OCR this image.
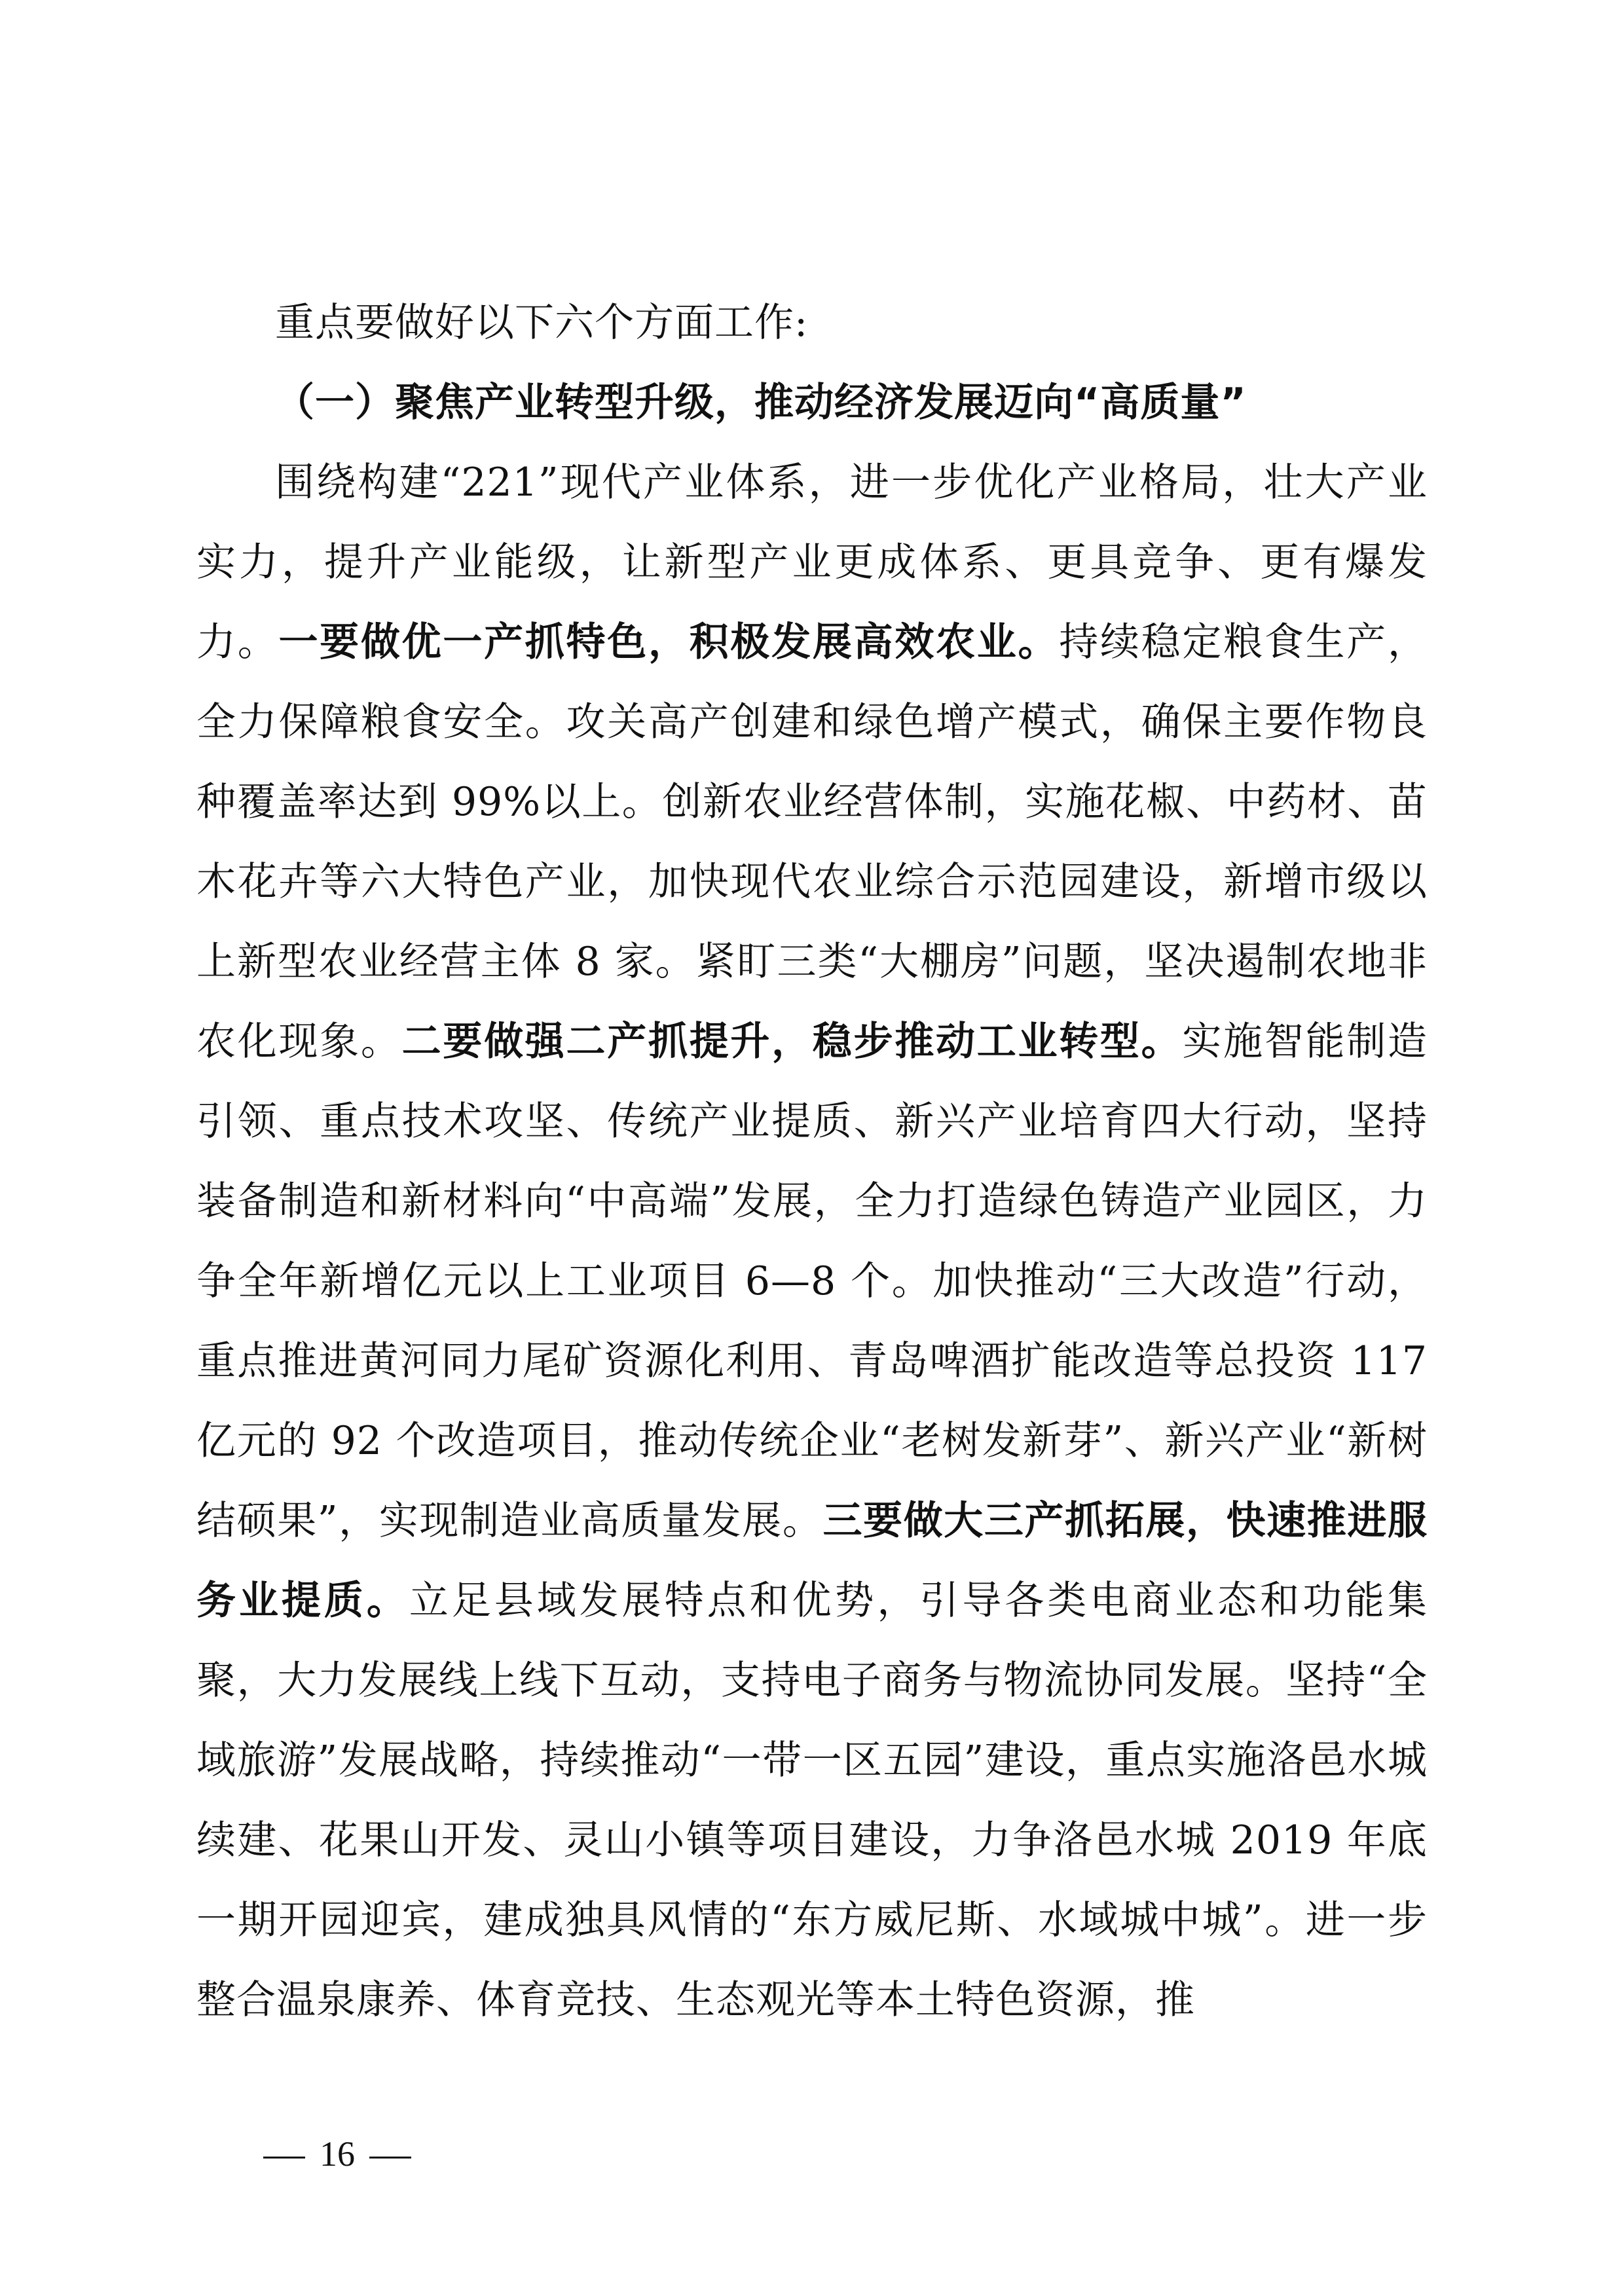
重点要做好以下六个方面工作:

（一）聚焦产业转型升级，推动经济发展迈向“高质量”

围绕构建“221”现代产业体系，进一步优化产业格局，壮大产业实力，提升产业能级，让新型产业更成体系、更具竞争、更有爆发力。一要做优一产抓特色，积极发展高效农业。持续稳定粮食生产，全力保障粮食安全。攻关高产创建和绿色增产模式，确保主要作物良种覆盖率达到 99%以上。创新农业经营体制，实施花椒、中药材、苗木花卉等六大特色产业，加快现代农业综合示范园建设，新增市级以上新型农业经营主体 8 家。紧盯三类“大棚房”问题，坚决遏制农地非农化现象。二要做强二产抓提升，稳步推动工业转型。实施智能制造引领、重点技术攻坚、传统产业提质、新兴产业培育四大行动，坚持装备制造和新材料向“中高端”发展，全力打造绿色铸造产业园区，力争全年新增亿元以上工业项目 6—8 个。加快推动“三大改造”行动，重点推进黄河同力尾矿资源化利用、青岛啤酒扩能改造等总投资 117 亿元的 92 个改造项目，推动传统企业“老树发新芽”、新兴产业“新树结硕果”，实现制造业高质量发展。三要做大三产抓拓展，快速推进服务业提质。立足县域发展特点和优势，引导各类电商业态和功能集聚，大力发展线上线下互动，支持电子商务与物流协同发展。坚持“全域旅游”发展战略，持续推动“一带一区五园”建设，重点实施洛邑水城续建、花果山开发、灵山小镇等项目建设，力争洛邑水城 2019 年底一期开园迎宾，建成独具风情的“东方威尼斯、水域城中城”。进一步整合温泉康养、体育竞技、生态观光等本土特色资源，推

16
